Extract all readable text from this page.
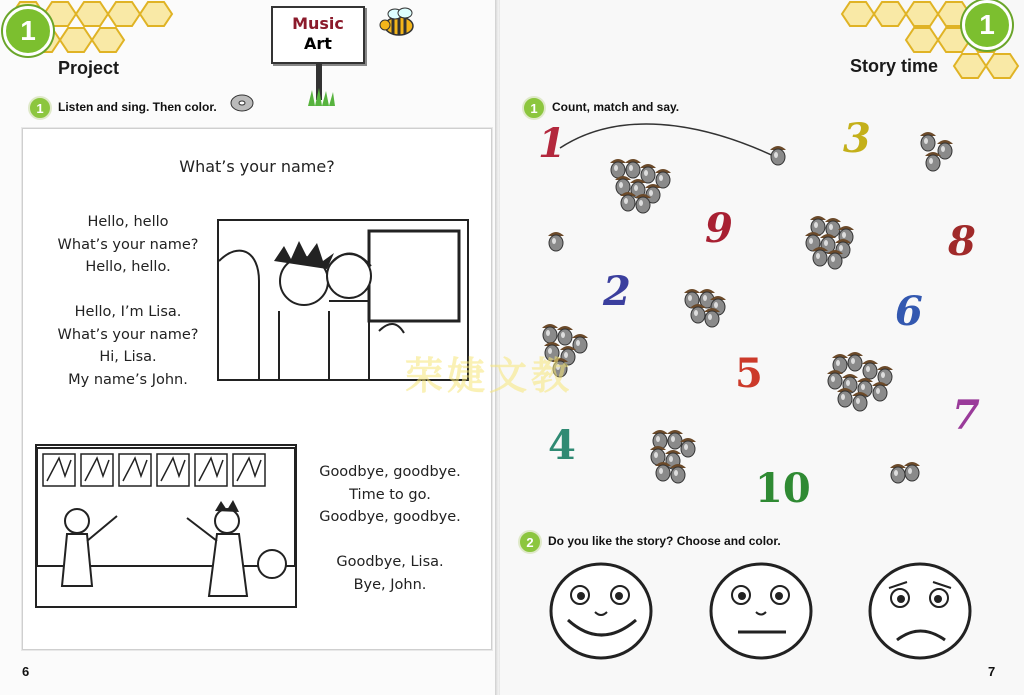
1
Project
Music
Art
1 Listen and sing. Then color.
What’s your name?
Hello, hello
What’s your name?
Hello, hello.
Hello, I’m Lisa.
What’s your name?
Hi, Lisa.
My name’s John.
Goodbye, goodbye.
Time to go.
Goodbye, goodbye.
Goodbye, Lisa.
Bye, John.
6
1
Story time
1 Count, match and say.
1
9
2
5
4
10
3
8
6
7
2 Do you like the story? Choose and color.
7
荣婕文教
